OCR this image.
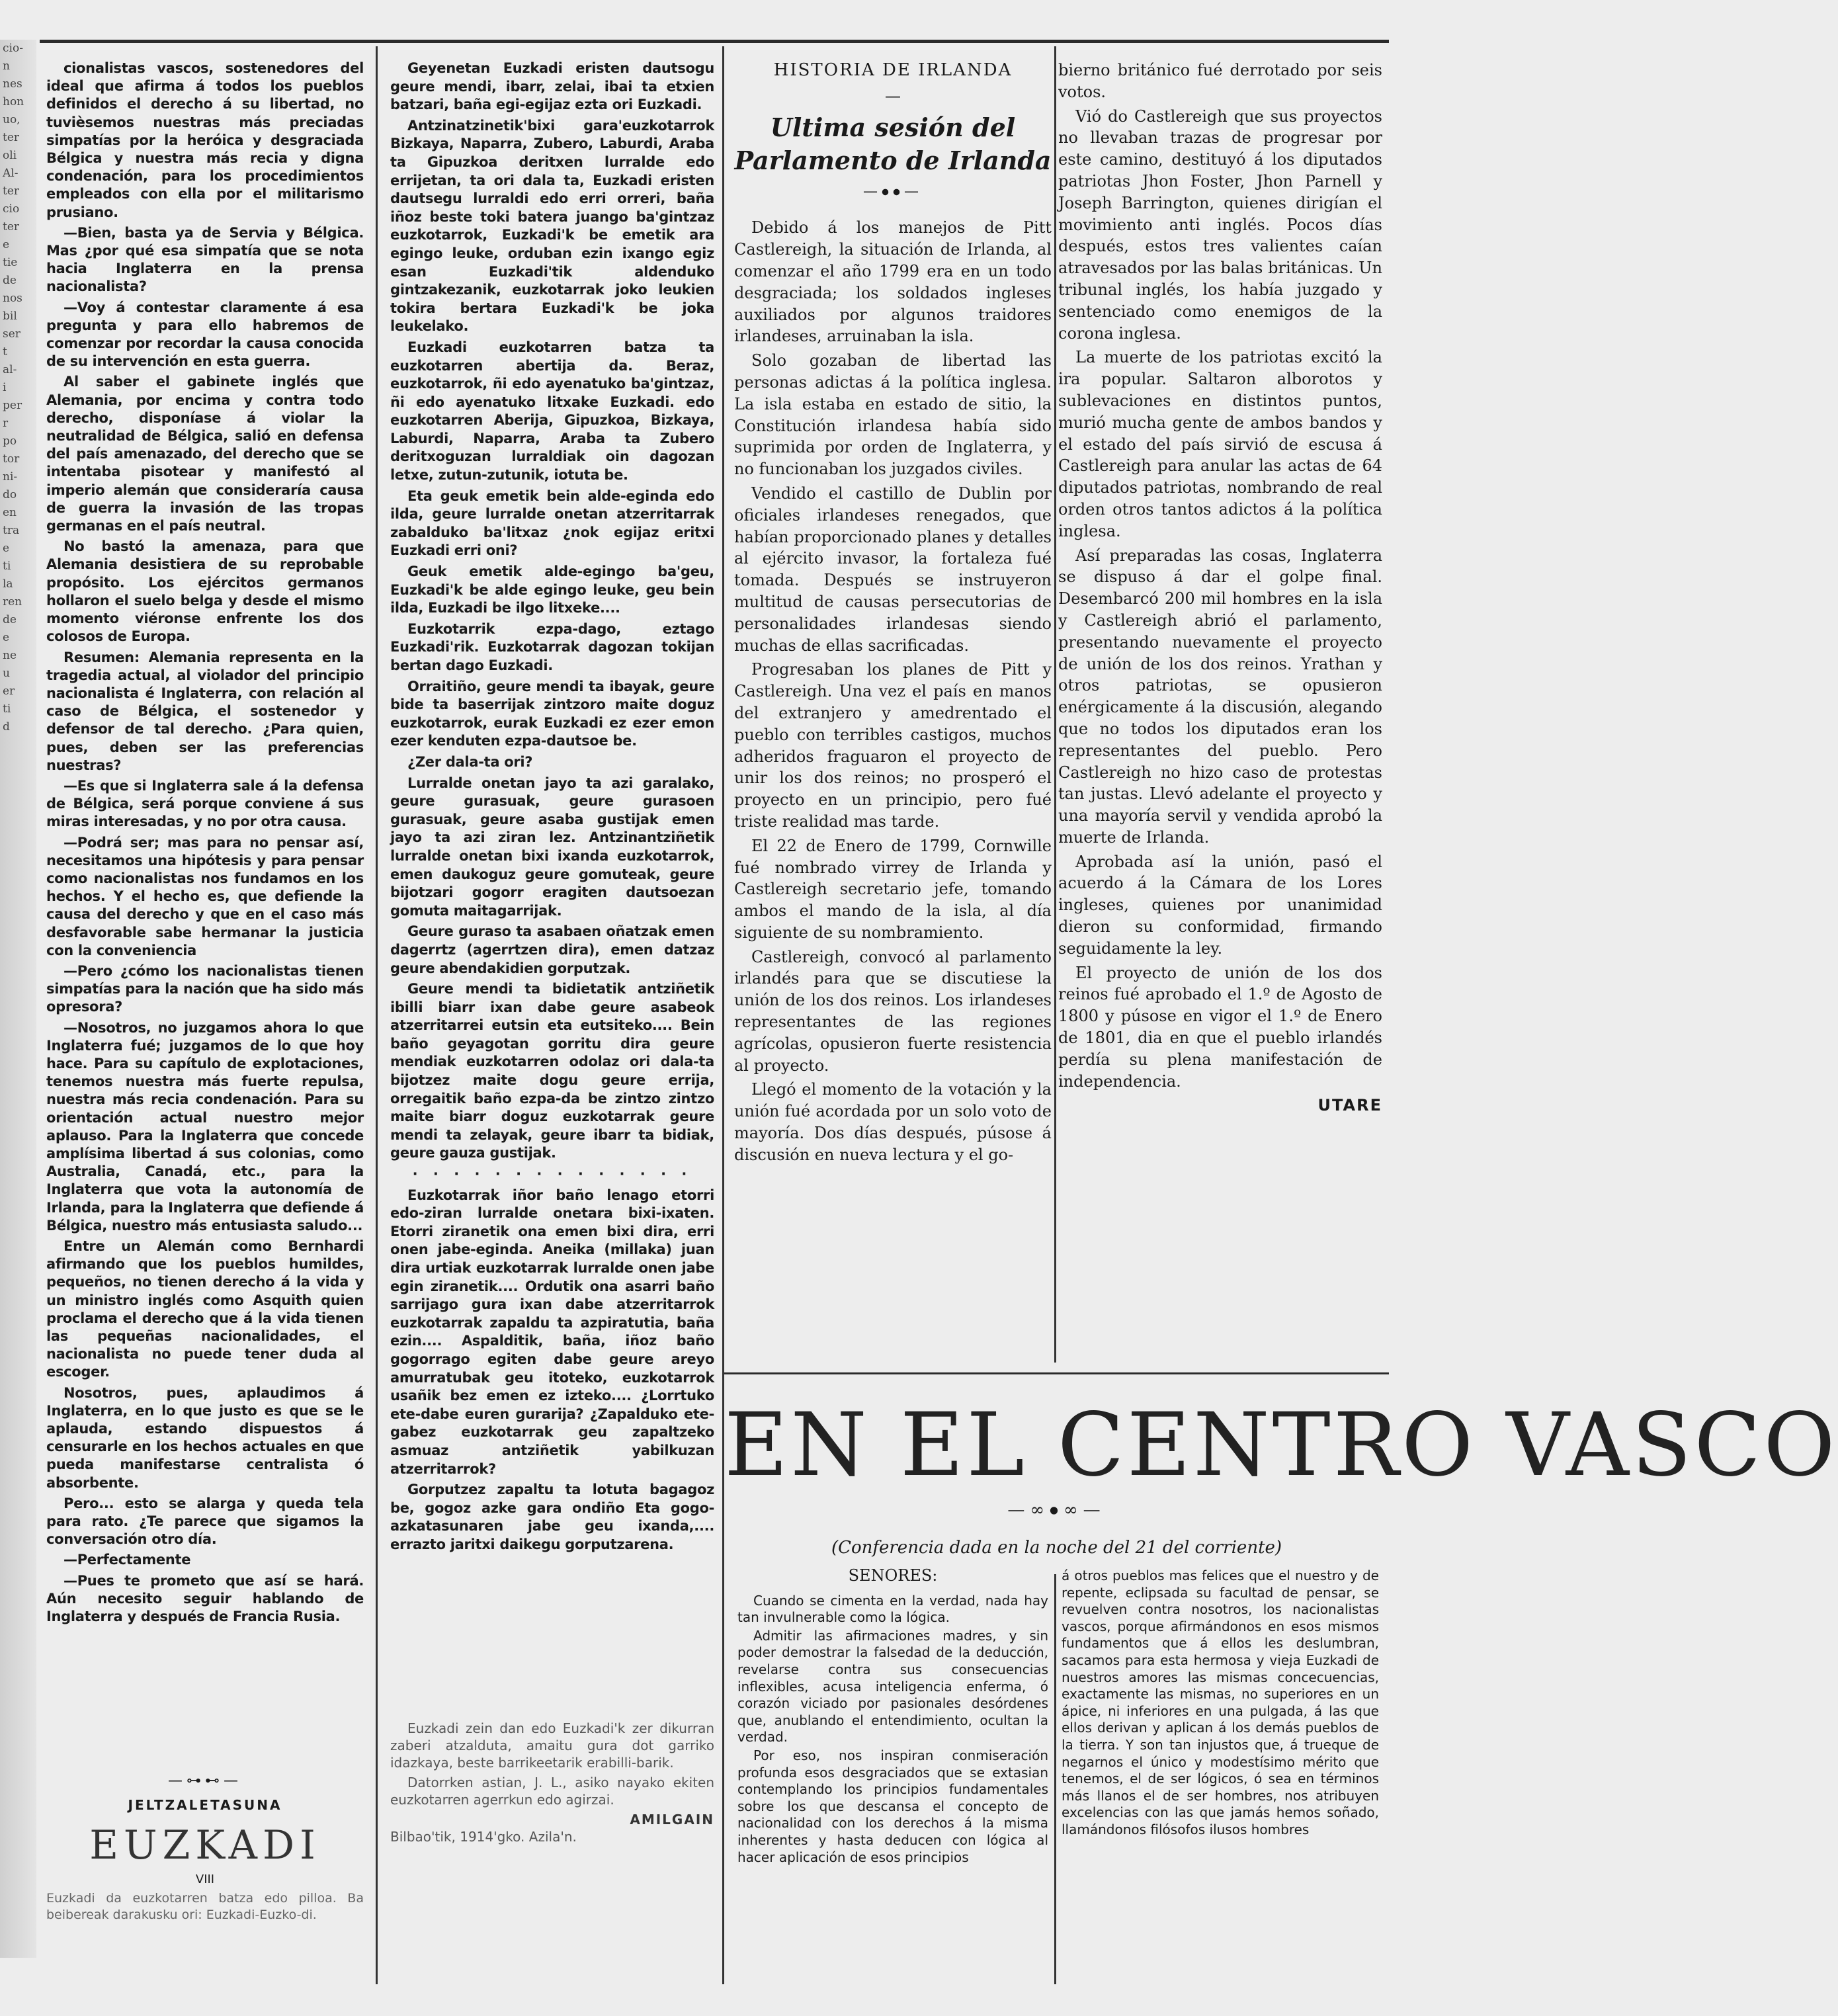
cio-
n
nes
hon
uo,
ter
oli
Al-
ter
cio
ter
e
tie
de
nos
bil
ser
t
al-
i
per
r
po
tor
ni-
do
en
tra
e
ti
la
ren
de
e
ne
u
er
ti
d

cionalistas vascos, sostenedores del ideal que afirma á todos los pueblos definidos el derecho á su libertad, no tuvièsemos nuestras más preciadas simpatías por la heróica y desgraciada Bélgica y nuestra más recia y digna condenación, para los procedimientos empleados con ella por el militarismo prusiano.

—Bien, basta ya de Servia y Bélgica. Mas ¿por qué esa simpatía que se nota hacia Inglaterra en la prensa nacionalista?

—Voy á contestar claramente á esa pregunta y para ello habremos de comenzar por recordar la causa conocida de su intervención en esta guerra.

Al saber el gabinete inglés que Alemania, por encima y contra todo derecho, disponíase á violar la neutralidad de Bélgica, salió en defensa del país amenazado, del derecho que se intentaba pisotear y manifestó al imperio alemán que consideraría causa de guerra la invasión de las tropas germanas en el país neutral.

No bastó la amenaza, para que Alemania desistiera de su reprobable propósito. Los ejércitos germanos hollaron el suelo belga y desde el mismo momento viéronse enfrente los dos colosos de Europa.

Resumen: Alemania representa en la tragedia actual, al violador del principio nacionalista é Inglaterra, con relación al caso de Bélgica, el sostenedor y defensor de tal derecho. ¿Para quien, pues, deben ser las preferencias nuestras?

—Es que si Inglaterra sale á la defensa de Bélgica, será porque conviene á sus miras interesadas, y no por otra causa.

—Podrá ser; mas para no pensar así, necesitamos una hipótesis y para pensar como nacionalistas nos fundamos en los hechos. Y el hecho es, que defiende la causa del derecho y que en el caso más desfavorable sabe hermanar la justicia con la conveniencia

—Pero ¿cómo los nacionalistas tienen simpatías para la nación que ha sido más opresora?

—Nosotros, no juzgamos ahora lo que Inglaterra fué; juzgamos de lo que hoy hace. Para su capítulo de explotaciones, tenemos nuestra más fuerte repulsa, nuestra más recia condenación. Para su orientación actual nuestro mejor aplauso. Para la Inglaterra que concede amplísima libertad á sus colonias, como Australia, Canadá, etc., para la Inglaterra que vota la autonomía de Irlanda, para la Inglaterra que defiende á Bélgica, nuestro más entusiasta saludo...

Entre un Alemán como Bernhardi afirmando que los pueblos humildes, pequeños, no tienen derecho á la vida y un ministro inglés como Asquith quien proclama el derecho que á la vida tienen las pequeñas nacionalidades, el nacionalista no puede tener duda al escoger.

Nosotros, pues, aplaudimos á Inglaterra, en lo que justo es que se le aplauda, estando dispuestos á censurarle en los hechos actuales en que pueda manifestarse centralista ó absorbente.

Pero... esto se alarga y queda tela para rato. ¿Te parece que sigamos la conversación otro día.

—Perfectamente

—Pues te prometo que así se hará. Aún necesito seguir hablando de Inglaterra y después de Francia Rusia.

—⊶⊷—
JELTZALETASUNA
EUZKADI
VIII
Euzkadi da euzkotarren batza edo pilloa. Ba beibereak darakusku ori: Euzkadi-Euzko-di.

Geyenetan Euzkadi eristen dautsogu geure mendi, ibarr, zelai, ibai ta etxien batzari, baña egi-egijaz ezta ori Euzkadi.

Antzinatzinetik'bixi gara'euzkotarrok Bizkaya, Naparra, Zubero, Laburdi, Araba ta Gipuzkoa deritxen lurralde edo errijetan, ta ori dala ta, Euzkadi eristen dautsegu lurraldi edo erri orreri, baña iñoz beste toki batera juango ba'gintzaz euzkotarrok, Euzkadi'k be emetik ara egingo leuke, orduban ezin ixango egiz esan Euzkadi'tik aldenduko gintzakezanik, euzkotarrak joko leukien tokira bertara Euzkadi'k be joka leukelako.

Euzkadi euzkotarren batza ta euzkotarren abertija da. Beraz, euzkotarrok, ñi edo ayenatuko ba'gintzaz, ñi edo ayenatuko litxake Euzkadi. edo euzkotarren Aberija, Gipuzkoa, Bizkaya, Laburdi, Naparra, Araba ta Zubero deritxoguzan lurraldiak oin dagozan letxe, zutun-zutunik, iotuta be.

Eta geuk emetik bein alde-eginda edo ilda, geure lurralde onetan atzerritarrak zabalduko ba'litxaz ¿nok egijaz eritxi Euzkadi erri oni?

Geuk emetik alde-egingo ba'geu, Euzkadi'k be alde egingo leuke, geu bein ilda, Euzkadi be ilgo litxeke....

Euzkotarrik ezpa-dago, eztago Euzkadi'rik. Euzkotarrak dagozan tokijan bertan dago Euzkadi.

Orraitiño, geure mendi ta ibayak, geure bide ta baserrijak zintzoro maite doguz euzkotarrok, eurak Euzkadi ez ezer emon ezer kenduten ezpa-dautsoe be.

¿Zer dala-ta ori?

Lurralde onetan jayo ta azi garalako, geure gurasuak, geure gurasoen gurasuak, geure asaba gustijak emen jayo ta azi ziran lez. Antzinantziñetik lurralde onetan bixi ixanda euzkotarrok, emen daukoguz geure gomuteak, geure bijotzari gogorr eragiten dautsoezan gomuta maitagarrijak.

Geure guraso ta asabaen oñatzak emen dagerrtz (agerrtzen dira), emen datzaz geure abendakidien gorputzak.

Geure mendi ta bidietatik antziñetik ibilli biarr ixan dabe geure asabeok atzerritarrei eutsin eta eutsiteko.... Bein baño geyagotan gorritu dira geure mendiak euzkotarren odolaz ori dala-ta bijotzez maite dogu geure errija, orregaitik baño ezpa-da be zintzo zintzo maite biarr doguz euzkotarrak geure mendi ta zelayak, geure ibarr ta bidiak, geure gauza gustijak.

· · · · · · · · · · · · · ·

Euzkotarrak iñor baño lenago etorri edo-ziran lurralde onetara bixi-ixaten. Etorri ziranetik ona emen bixi dira, erri onen jabe-eginda. Aneika (millaka) juan dira urtiak euzkotarrak lurralde onen jabe egin ziranetik.... Ordutik ona asarri baño sarrijago gura ixan dabe atzerritarrok euzkotarrak zapaldu ta azpiratutia, baña ezin.... Aspalditik, baña, iñoz baño gogorrago egiten dabe geure areyo amurratubak geu itoteko, euzkotarrok usañik bez emen ez izteko.... ¿Lorrtuko ete-dabe euren gurarija? ¿Zapalduko ete-gabez euzkotarrak geu zapaltzeko asmuaz antziñetik yabilkuzan atzerritarrok?

Gorputzez zapaltu ta lotuta bagagoz be, gogoz azke gara ondiño Eta gogo-azkatasunaren jabe geu ixanda,.... errazto jaritxi daikegu gorputzarena.

Euzkadi zein dan edo Euzkadi'k zer dikurran zaberi atzalduta, amaitu gura dot garriko idazkaya, beste barrikeetarik erabilli-barik.

Datorrken astian, J. L., asiko nayako ekiten euzkotarren agerrkun edo agirzai.

AMILGAIN
Bilbao'tik, 1914'gko. Azila'n.
HISTORIA DE IRLANDA
—
Ultima sesión del
Parlamento de Irlanda
—⦁⦁—

Debido á los manejos de Pitt Castlereigh, la situación de Irlanda, al comenzar el año 1799 era en un todo desgraciada; los soldados ingleses auxiliados por algunos traidores irlandeses, arruinaban la isla.

Solo gozaban de libertad las personas adictas á la política inglesa. La isla estaba en estado de sitio, la Constitución irlandesa había sido suprimida por orden de Inglaterra, y no funcionaban los juzgados civiles.

Vendido el castillo de Dublin por oficiales irlandeses renegados, que habían proporcionado planes y detalles al ejército invasor, la fortaleza fué tomada. Después se instruyeron multitud de causas persecutorias de personalidades irlandesas siendo muchas de ellas sacrificadas.

Progresaban los planes de Pitt y Castlereigh. Una vez el país en manos del extranjero y amedrentado el pueblo con terribles castigos, muchos adheridos fraguaron el proyecto de unir los dos reinos; no prosperó el proyecto en un principio, pero fué triste realidad mas tarde.

El 22 de Enero de 1799, Cornwille fué nombrado virrey de Irlanda y Castlereigh secretario jefe, tomando ambos el mando de la isla, al día siguiente de su nombramiento.

Castlereigh, convocó al parlamento irlandés para que se discutiese la unión de los dos reinos. Los irlandeses representantes de las regiones agrícolas, opusieron fuerte resistencia al proyecto.

Llegó el momento de la votación y la unión fué acordada por un solo voto de mayoría. Dos días después, púsose á discusión en nueva lectura y el go-

bierno británico fué derrotado por seis votos.

Vió do Castlereigh que sus proyectos no llevaban trazas de progresar por este camino, destituyó á los diputados patriotas Jhon Foster, Jhon Parnell y Joseph Barrington, quienes dirigían el movimiento anti inglés. Pocos días después, estos tres valientes caían atravesados por las balas británicas. Un tribunal inglés, los había juzgado y sentenciado como enemigos de la corona inglesa.

La muerte de los patriotas excitó la ira popular. Saltaron alborotos y sublevaciones en distintos puntos, murió mucha gente de ambos bandos y el estado del país sirvió de escusa á Castlereigh para anular las actas de 64 diputados patriotas, nombrando de real orden otros tantos adictos á la política inglesa.

Así preparadas las cosas, Inglaterra se dispuso á dar el golpe final. Desembarcó 200 mil hombres en la isla y Castlereigh abrió el parlamento, presentando nuevamente el proyecto de unión de los dos reinos. Yrathan y otros patriotas, se opusieron enérgicamente á la discusión, alegando que no todos los diputados eran los representantes del pueblo. Pero Castlereigh no hizo caso de protestas tan justas. Llevó adelante el proyecto y una mayoría servil y vendida aprobó la muerte de Irlanda.

Aprobada así la unión, pasó el acuerdo á la Cámara de los Lores ingleses, quienes por unanimidad dieron su conformidad, firmando seguidamente la ley.

El proyecto de unión de los dos reinos fué aprobado el 1.º de Agosto de 1800 y púsose en vigor el 1.º de Enero de 1801, dia en que el pueblo irlandés perdía su plena manifestación de independencia.

UTARE
EN EL CENTRO VASCO
—∞⦁∞—
(Conferencia dada en la noche del 21 del corriente)

SENORES:

Cuando se cimenta en la verdad, nada hay tan invulnerable como la lógica.

Admitir las afirmaciones madres, y sin poder demostrar la falsedad de la deducción, revelarse contra sus consecuencias inflexibles, acusa inteligencia enferma, ó corazón viciado por pasionales desórdenes que, anublando el entendimiento, ocultan la verdad.

Por eso, nos inspiran conmiseración profunda esos desgraciados que se extasian contemplando los principios fundamentales sobre los que descansa el concepto de nacionalidad con los derechos á la misma inherentes y hasta deducen con lógica al hacer aplicación de esos principios

á otros pueblos mas felices que el nuestro y de repente, eclipsada su facultad de pensar, se revuelven contra nosotros, los nacionalistas vascos, porque afirmándonos en esos mismos fundamentos que á ellos les deslumbran, sacamos para esta hermosa y vieja Euzkadi de nuestros amores las mismas concecuencias, exactamente las mismas, no superiores en un ápice, ni inferiores en una pulgada, á las que ellos derivan y aplican á los demás pueblos de la tierra. Y son tan injustos que, á trueque de negarnos el único y modestísimo mérito que tenemos, el de ser lógicos, ó sea en términos más llanos el de ser hombres, nos atribuyen excelencias con las que jamás hemos soñado, llamándonos filósofos ilusos hombres
